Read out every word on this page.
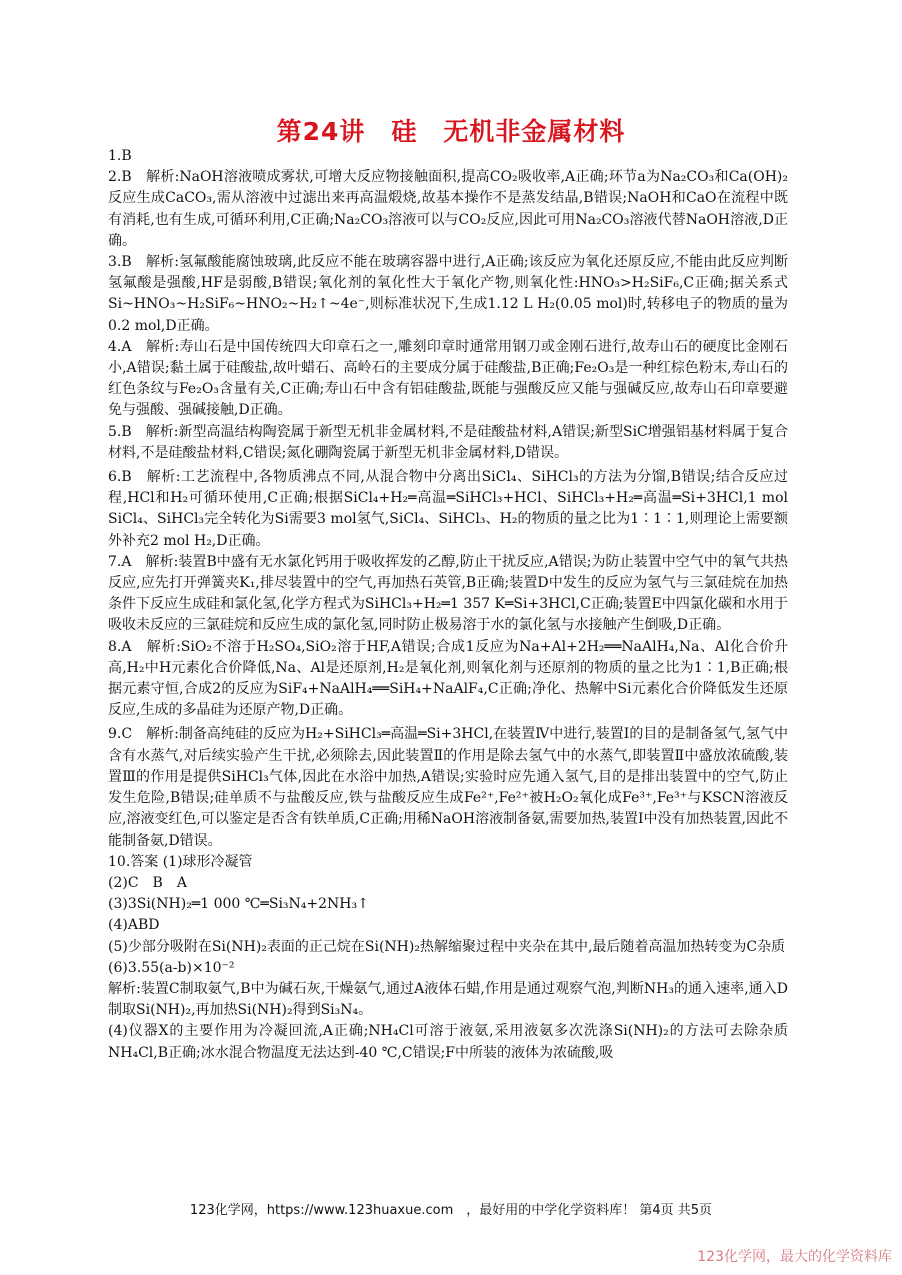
第24讲　硅　无机非金属材料

1.B

2.B　解析:NaOH溶液喷成雾状,可增大反应物接触面积,提高CO₂吸收率,A正确;环节a为Na₂CO₃和Ca(OH)₂反应生成CaCO₃,需从溶液中过滤出来再高温煅烧,故基本操作不是蒸发结晶,B错误;NaOH和CaO在流程中既有消耗,也有生成,可循环利用,C正确;Na₂CO₃溶液可以与CO₂反应,因此可用Na₂CO₃溶液代替NaOH溶液,D正确。

3.B　解析:氢氟酸能腐蚀玻璃,此反应不能在玻璃容器中进行,A正确;该反应为氧化还原反应,不能由此反应判断氢氟酸是强酸,HF是弱酸,B错误;氧化剂的氧化性大于氧化产物,则氧化性:HNO₃>H₂SiF₆,C正确;据关系式Si~HNO₃~H₂SiF₆~HNO₂~H₂↑~4e⁻,则标准状况下,生成1.12 L H₂(0.05 mol)时,转移电子的物质的量为0.2 mol,D正确。

4.A　解析:寿山石是中国传统四大印章石之一,雕刻印章时通常用钢刀或金刚石进行,故寿山石的硬度比金刚石小,A错误;黏土属于硅酸盐,故叶蜡石、高岭石的主要成分属于硅酸盐,B正确;Fe₂O₃是一种红棕色粉末,寿山石的红色条纹与Fe₂O₃含量有关,C正确;寿山石中含有铝硅酸盐,既能与强酸反应又能与强碱反应,故寿山石印章要避免与强酸、强碱接触,D正确。

5.B　解析:新型高温结构陶瓷属于新型无机非金属材料,不是硅酸盐材料,A错误;新型SiC增强铝基材料属于复合材料,不是硅酸盐材料,C错误;氮化硼陶瓷属于新型无机非金属材料,D错误。

6.B　解析:工艺流程中,各物质沸点不同,从混合物中分离出SiCl₄、SiHCl₃的方法为分馏,B错误;结合反应过程,HCl和H₂可循环使用,C正确;根据SiCl₄+H₂═高温═SiHCl₃+HCl、SiHCl₃+H₂═高温═Si+3HCl,1 mol SiCl₄、SiHCl₃完全转化为Si需要3 mol氢气,SiCl₄、SiHCl₃、H₂的物质的量之比为1∶1∶1,则理论上需要额外补充2 mol H₂,D正确。

7.A　解析:装置B中盛有无水氯化钙用于吸收挥发的乙醇,防止干扰反应,A错误;为防止装置中空气中的氧气共热反应,应先打开弹簧夹K₁,排尽装置中的空气,再加热石英管,B正确;装置D中发生的反应为氢气与三氯硅烷在加热条件下反应生成硅和氯化氢,化学方程式为SiHCl₃+H₂═1 357 K═Si+3HCl,C正确;装置E中四氯化碳和水用于吸收未反应的三氯硅烷和反应生成的氯化氢,同时防止极易溶于水的氯化氢与水接触产生倒吸,D正确。

8.A　解析:SiO₂不溶于H₂SO₄,SiO₂溶于HF,A错误;合成1反应为Na+Al+2H₂══NaAlH₄,Na、Al化合价升高,H₂中H元素化合价降低,Na、Al是还原剂,H₂是氧化剂,则氧化剂与还原剂的物质的量之比为1∶1,B正确;根据元素守恒,合成2的反应为SiF₄+NaAlH₄══SiH₄+NaAlF₄,C正确;净化、热解中Si元素化合价降低发生还原反应,生成的多晶硅为还原产物,D正确。

9.C　解析:制备高纯硅的反应为H₂+SiHCl₃═高温═Si+3HCl,在装置Ⅳ中进行,装置Ⅰ的目的是制备氢气,氢气中含有水蒸气,对后续实验产生干扰,必须除去,因此装置Ⅱ的作用是除去氢气中的水蒸气,即装置Ⅱ中盛放浓硫酸,装置Ⅲ的作用是提供SiHCl₃气体,因此在水浴中加热,A错误;实验时应先通入氢气,目的是排出装置中的空气,防止发生危险,B错误;硅单质不与盐酸反应,铁与盐酸反应生成Fe²⁺,Fe²⁺被H₂O₂氧化成Fe³⁺,Fe³⁺与KSCN溶液反应,溶液变红色,可以鉴定是否含有铁单质,C正确;用稀NaOH溶液制备氨,需要加热,装置Ⅰ中没有加热装置,因此不能制备氨,D错误。

10.答案 (1)球形冷凝管

(2)C　B　A

(3)3Si(NH)₂═1 000 ℃═Si₃N₄+2NH₃↑

(4)ABD

(5)少部分吸附在Si(NH)₂表面的正己烷在Si(NH)₂热解缩聚过程中夹杂在其中,最后随着高温加热转变为C杂质

(6)3.55(a-b)×10⁻²

解析:装置C制取氨气,B中为碱石灰,干燥氨气,通过A液体石蜡,作用是通过观察气泡,判断NH₃的通入速率,通入D制取Si(NH)₂,再加热Si(NH)₂得到Si₃N₄。

(4)仪器X的主要作用为冷凝回流,A正确;NH₄Cl可溶于液氨,采用液氨多次洗涤Si(NH)₂的方法可去除杂质NH₄Cl,B正确;冰水混合物温度无法达到-40 ℃,C错误;F中所装的液体为浓硫酸,吸

123化学网，https://www.123huaxue.com　，最好用的中学化学资料库！ 第4页 共5页
123化学网，最大的化学资料库
